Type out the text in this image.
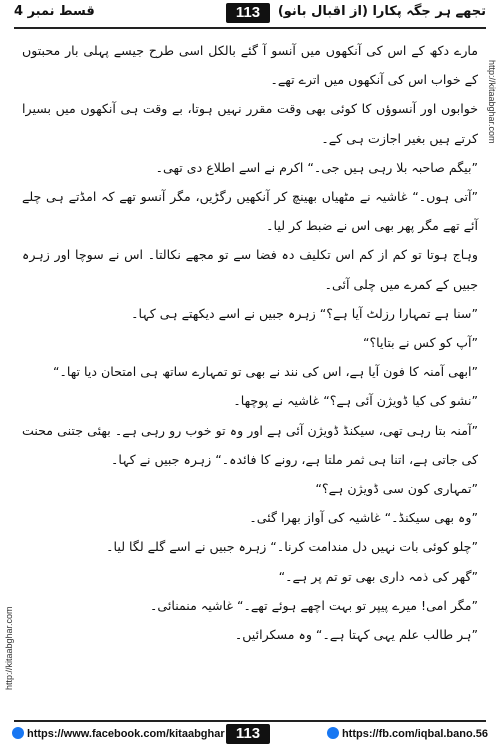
قسط نمبر 4	113	تجھے ہر جگہ پکارا (از اقبال بانو)
http://kitaabghar.com
http://kitaabghar.com

مارے دکھ کے اس کی آنکھوں میں آنسو آ گئے بالکل اسی طرح جیسے پہلی بار محبتوں کے خواب اس کی آنکھوں میں اترے تھے۔

خوابوں اور آنسوؤں کا کوئی بھی وقت مقرر نہیں ہوتا، بے وقت ہی آنکھوں میں بسیرا کرتے ہیں بغیر اجازت ہی کے۔

”بیگم صاحبہ بلا رہی ہیں جی۔“ اکرم نے اسے اطلاع دی تھی۔

”آتی ہوں۔“ غاشیہ نے مٹھیاں بھینچ کر آنکھیں رگڑیں، مگر آنسو تھے کہ امڈتے ہی چلے آئے تھے مگر پھر بھی اس نے ضبط کر لیا۔

وہاج ہوتا تو کم از کم اس تکلیف دہ فضا سے تو مجھے نکالتا۔ اس نے سوچا اور زہرہ جبیں کے کمرے میں چلی آئی۔

”سنا ہے تمہارا رزلٹ آیا ہے؟“ زہرہ جبیں نے اسے دیکھتے ہی کہا۔

”آپ کو کس نے بتایا؟“

”ابھی آمنہ کا فون آیا ہے، اس کی نند نے بھی تو تمہارے ساتھ ہی امتحان دیا تھا۔“

”نشو کی کیا ڈویژن آئی ہے؟“ غاشیہ نے پوچھا۔

”آمنہ بتا رہی تھی، سیکنڈ ڈویژن آئی ہے اور وہ تو خوب رو رہی ہے۔ بھئی جتنی محنت کی جاتی ہے، اتنا ہی ثمر ملتا ہے، رونے کا فائدہ۔“ زہرہ جبیں نے کہا۔

”تمہاری کون سی ڈویژن ہے؟“

”وہ بھی سیکنڈ۔“ غاشیہ کی آواز بھرا گئی۔

”چلو کوئی بات نہیں دل مندامت کرنا۔“ زہرہ جبیں نے اسے گلے لگا لیا۔

”گھر کی ذمہ داری بھی تو تم پر ہے۔“

”مگر امی! میرے پیپر تو بہت اچھے ہوئے تھے۔“ غاشیہ منمنائی۔

”ہر طالب علم یہی کہتا ہے۔“ وہ مسکرائیں۔

https://www.facebook.com/kitaabghar 113	https://fb.com/iqbal.bano.56
